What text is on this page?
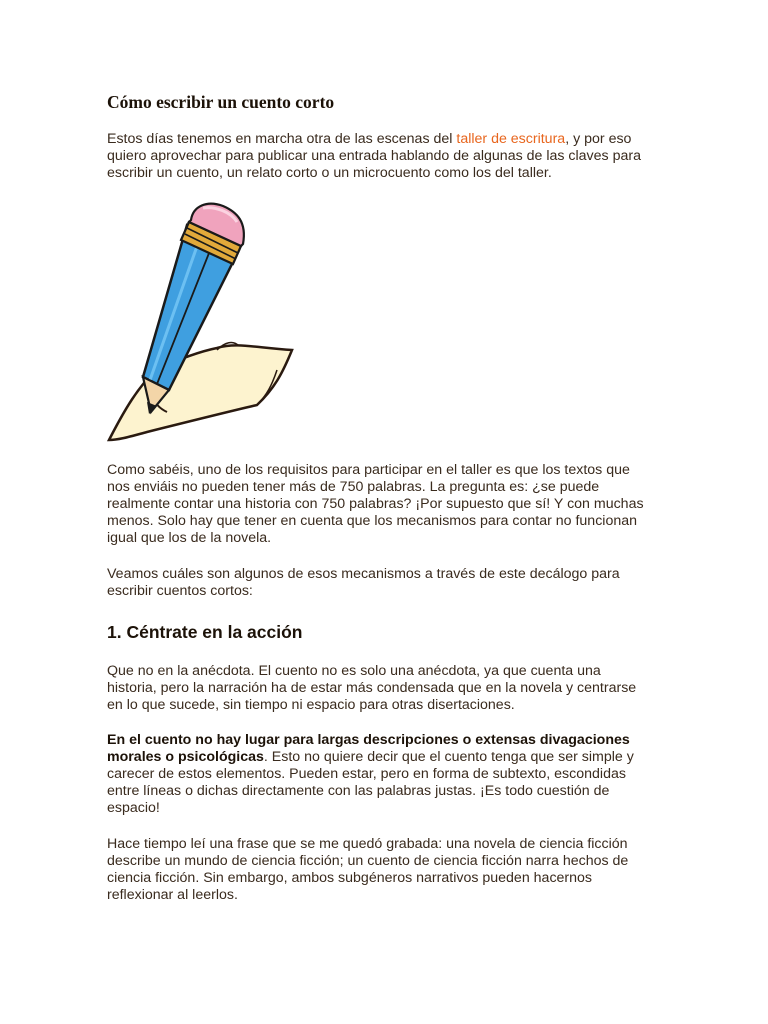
Cómo escribir un cuento corto

Estos días tenemos en marcha otra de las escenas del taller de escritura, y por eso quiero aprovechar para publicar una entrada hablando de algunas de las claves para escribir un cuento, un relato corto o un microcuento como los del taller.

Como sabéis, uno de los requisitos para participar en el taller es que los textos que nos enviáis no pueden tener más de 750 palabras. La pregunta es: ¿se puede realmente contar una historia con 750 palabras? ¡Por supuesto que sí! Y con muchas menos. Solo hay que tener en cuenta que los mecanismos para contar no funcionan igual que los de la novela.

Veamos cuáles son algunos de esos mecanismos a través de este decálogo para escribir cuentos cortos:

1. Céntrate en la acción

Que no en la anécdota. El cuento no es solo una anécdota, ya que cuenta una historia, pero la narración ha de estar más condensada que en la novela y centrarse en lo que sucede, sin tiempo ni espacio para otras disertaciones.

En el cuento no hay lugar para largas descripciones o extensas divagaciones morales o psicológicas. Esto no quiere decir que el cuento tenga que ser simple y carecer de estos elementos. Pueden estar, pero en forma de subtexto, escondidas entre líneas o dichas directamente con las palabras justas. ¡Es todo cuestión de espacio!

Hace tiempo leí una frase que se me quedó grabada: una novela de ciencia ficción describe un mundo de ciencia ficción; un cuento de ciencia ficción narra hechos de ciencia ficción. Sin embargo, ambos subgéneros narrativos pueden hacernos reflexionar al leerlos.
